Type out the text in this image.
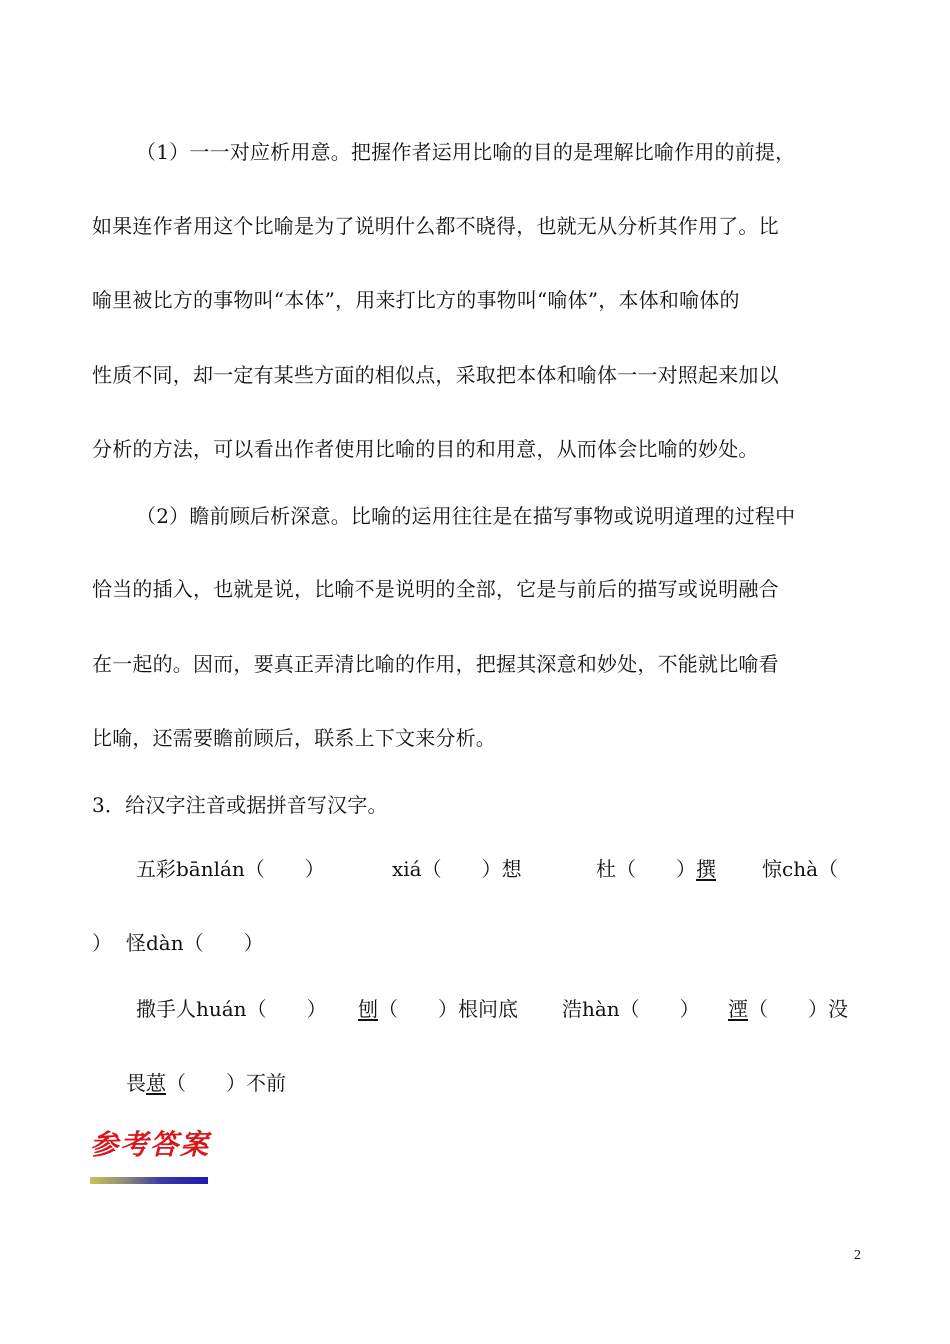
（1）一一对应析用意。把握作者运用比喻的目的是理解比喻作用的前提，
如果连作者用这个比喻是为了说明什么都不晓得，也就无从分析其作用了。比
喻里被比方的事物叫“本体”，用来打比方的事物叫“喻体”，本体和喻体的
性质不同，却一定有某些方面的相似点，采取把本体和喻体一一对照起来加以
分析的方法，可以看出作者使用比喻的目的和用意，从而体会比喻的妙处。
（2）瞻前顾后析深意。比喻的运用往往是在描写事物或说明道理的过程中
恰当的插入，也就是说，比喻不是说明的全部，它是与前后的描写或说明融合
在一起的。因而，要真正弄清比喻的作用，把握其深意和妙处，不能就比喻看
比喻，还需要瞻前顾后，联系上下文来分析。
3．给汉字注音或据拼音写汉字。
五彩bānlán（　　）	xiá（　　）想	杜（　　）撰 惊chà（
） 怪dàn（　　）
撒手人huán（　　） 刨（　　）根问底 浩hàn（　　） 湮（　　）没
畏葸（　　）不前
参考答案
2
